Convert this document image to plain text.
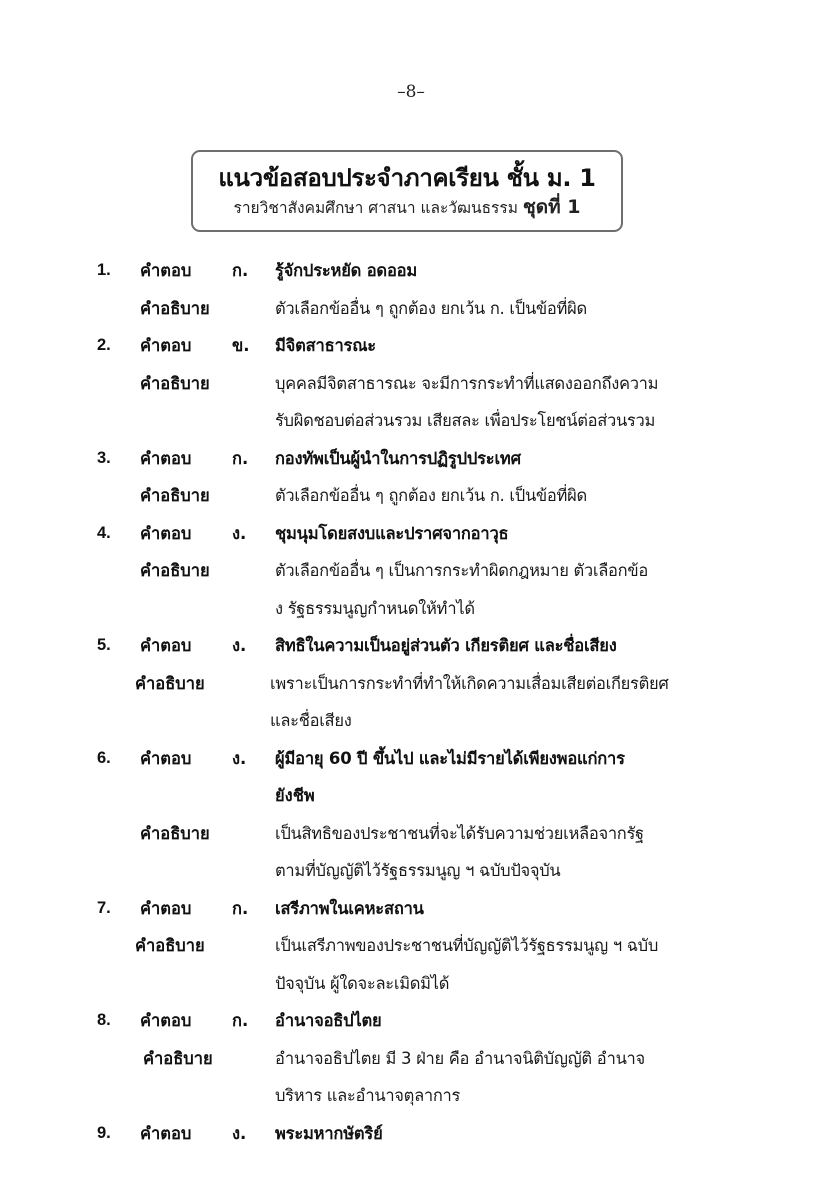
–8–
แนวข้อสอบประจำภาคเรียน ชั้น ม. 1
รายวิชาสังคมศึกษา ศาสนา และวัฒนธรรม ชุดที่ 1
1. คำตอบ ก. รู้จักประหยัด อดออม
คำอธิบาย	ตัวเลือกข้ออื่น ๆ ถูกต้อง ยกเว้น ก. เป็นข้อที่ผิด
2. คำตอบ ข. มีจิตสาธารณะ
คำอธิบาย	บุคคลมีจิตสาธารณะ จะมีการกระทำที่แสดงออกถึงความ
รับผิดชอบต่อส่วนรวม เสียสละ เพื่อประโยชน์ต่อส่วนรวม
3. คำตอบ ก. กองทัพเป็นผู้นำในการปฏิรูปประเทศ
คำอธิบาย	ตัวเลือกข้ออื่น ๆ ถูกต้อง ยกเว้น ก. เป็นข้อที่ผิด
4. คำตอบ ง. ชุมนุมโดยสงบและปราศจากอาวุธ
คำอธิบาย	ตัวเลือกข้ออื่น ๆ เป็นการกระทำผิดกฎหมาย ตัวเลือกข้อ
ง รัฐธรรมนูญกำหนดให้ทำได้
5. คำตอบ ง. สิทธิในความเป็นอยู่ส่วนตัว เกียรติยศ และชื่อเสียง
คำอธิบาย	เพราะเป็นการกระทำที่ทำให้เกิดความเสื่อมเสียต่อเกียรติยศ
และชื่อเสียง
6. คำตอบ ง. ผู้มีอายุ 60 ปี ขึ้นไป และไม่มีรายได้เพียงพอแก่การ
ยังชีพ
คำอธิบาย	เป็นสิทธิของประชาชนที่จะได้รับความช่วยเหลือจากรัฐ
ตามที่บัญญัติไว้รัฐธรรมนูญ ฯ ฉบับปัจจุบัน
7. คำตอบ ก. เสรีภาพในเคหะสถาน
คำอธิบาย	เป็นเสรีภาพของประชาชนที่บัญญัติไว้รัฐธรรมนูญ ฯ ฉบับ
ปัจจุบัน ผู้ใดจะละเมิดมิได้
8. คำตอบ ก. อำนาจอธิปไตย
คำอธิบาย	อำนาจอธิปไตย มี 3 ฝ่าย คือ อำนาจนิติบัญญัติ อำนาจ
บริหาร และอำนาจตุลาการ
9. คำตอบ ง. พระมหากษัตริย์
